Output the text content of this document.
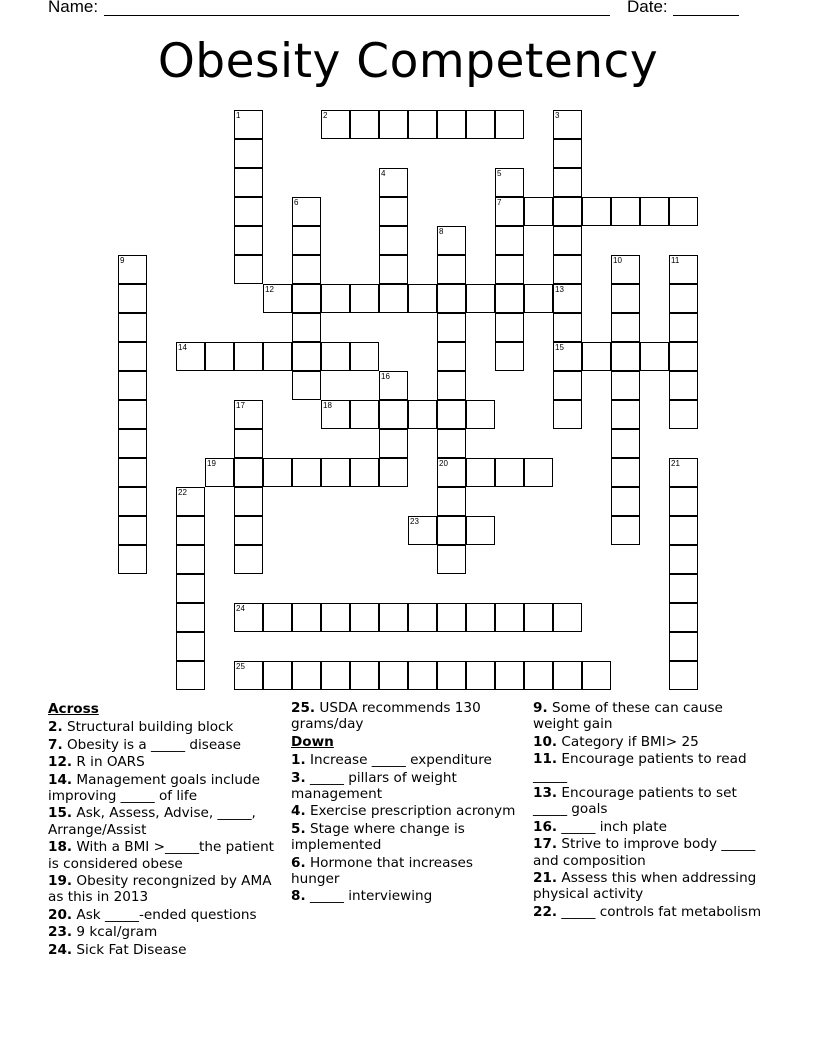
Name:	Date:
Obesity Competency
1	2	3
13
4	5
7
6
8
20
9	10	11
12
15
14
16
17	18
19	21
22
23
24
25
Across
2. Structural building block
7. Obesity is a _____ disease
12. R in OARS
14. Management goals include improving _____ of life
15. Ask, Assess, Advise, _____, Arrange/Assist
18. With a BMI >_____the patient is considered obese
19. Obesity recongnized by AMA as this in 2013
20. Ask _____-ended questions
23. 9 kcal/gram
24. Sick Fat Disease
25. USDA recommends 130 grams/day
Down
1. Increase _____ expenditure
3. _____ pillars of weight management
4. Exercise prescription acronym
5. Stage where change is implemented
6. Hormone that increases hunger
8. _____ interviewing
9. Some of these can cause weight gain
10. Category if BMI> 25
11. Encourage patients to read _____
13. Encourage patients to set _____ goals
16. _____ inch plate
17. Strive to improve body _____ and composition
21. Assess this when addressing physical activity
22. _____ controls fat metabolism
